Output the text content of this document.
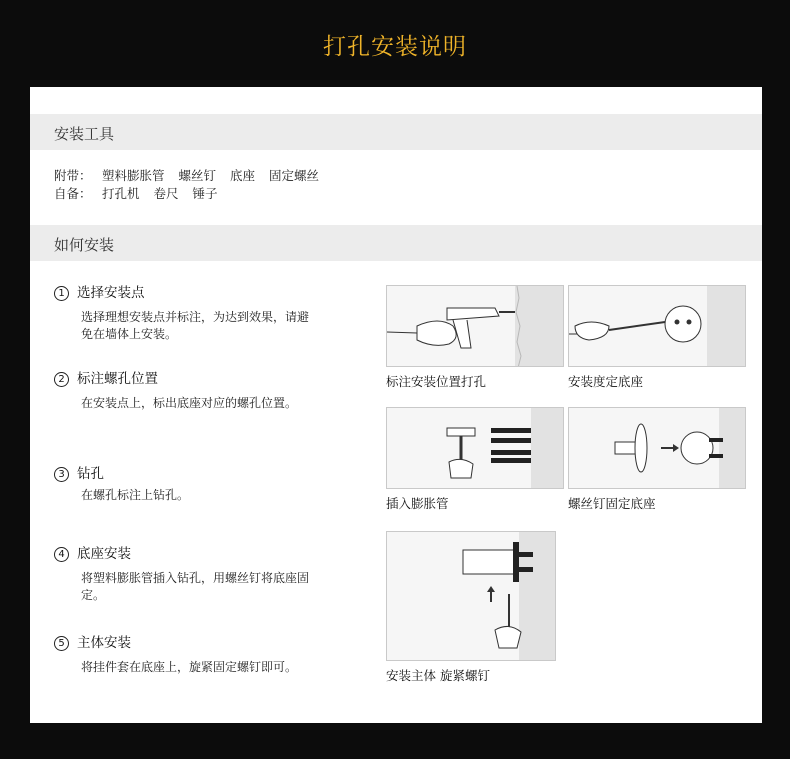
打孔安装说明
安装工具
附带： 塑料膨胀管 螺丝钉 底座 固定螺丝
自备： 打孔机 卷尺 锤子
如何安装
1 选择安装点
选择理想安装点并标注，为达到效果，请避免在墙体上安装。
2 标注螺孔位置
在安装点上，标出底座对应的螺孔位置。
3 钻孔
在螺孔标注上钻孔。
4 底座安装
将塑料膨胀管插入钻孔，用螺丝钉将底座固定。
5 主体安装
将挂件套在底座上，旋紧固定螺钉即可。
标注安装位置打孔	安装度定底座
插入膨胀管	螺丝钉固定底座
安装主体 旋紧螺钉
